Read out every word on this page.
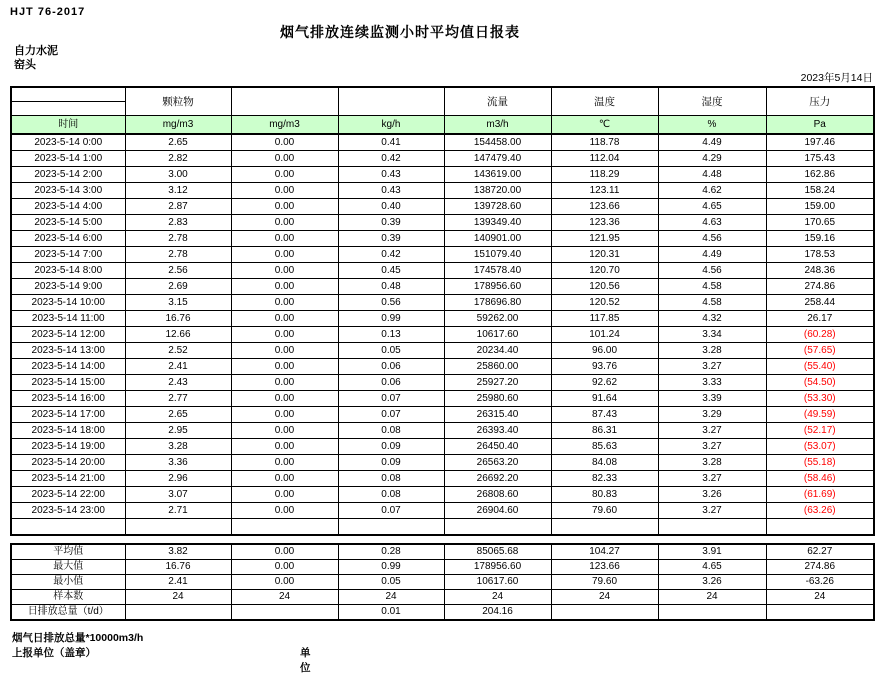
HJT 76-2017
烟气排放连续监测小时平均值日报表
自力水泥
窑头
2023年5月14日
	颗粒物			流量	温度	湿度	压力
时间	mg/m3	mg/m3	kg/h	m3/h	℃	%	Pa
2023-5-14 0:00	2.65	0.00	0.41	154458.00	118.78	4.49	197.46
2023-5-14 1:00	2.82	0.00	0.42	147479.40	112.04	4.29	175.43
2023-5-14 2:00	3.00	0.00	0.43	143619.00	118.29	4.48	162.86
2023-5-14 3:00	3.12	0.00	0.43	138720.00	123.11	4.62	158.24
2023-5-14 4:00	2.87	0.00	0.40	139728.60	123.66	4.65	159.00
2023-5-14 5:00	2.83	0.00	0.39	139349.40	123.36	4.63	170.65
2023-5-14 6:00	2.78	0.00	0.39	140901.00	121.95	4.56	159.16
2023-5-14 7:00	2.78	0.00	0.42	151079.40	120.31	4.49	178.53
2023-5-14 8:00	2.56	0.00	0.45	174578.40	120.70	4.56	248.36
2023-5-14 9:00	2.69	0.00	0.48	178956.60	120.56	4.58	274.86
2023-5-14 10:00	3.15	0.00	0.56	178696.80	120.52	4.58	258.44
2023-5-14 11:00	16.76	0.00	0.99	59262.00	117.85	4.32	26.17
2023-5-14 12:00	12.66	0.00	0.13	10617.60	101.24	3.34	(60.28)
2023-5-14 13:00	2.52	0.00	0.05	20234.40	96.00	3.28	(57.65)
2023-5-14 14:00	2.41	0.00	0.06	25860.00	93.76	3.27	(55.40)
2023-5-14 15:00	2.43	0.00	0.06	25927.20	92.62	3.33	(54.50)
2023-5-14 16:00	2.77	0.00	0.07	25980.60	91.64	3.39	(53.30)
2023-5-14 17:00	2.65	0.00	0.07	26315.40	87.43	3.29	(49.59)
2023-5-14 18:00	2.95	0.00	0.08	26393.40	86.31	3.27	(52.17)
2023-5-14 19:00	3.28	0.00	0.09	26450.40	85.63	3.27	(53.07)
2023-5-14 20:00	3.36	0.00	0.09	26563.20	84.08	3.28	(55.18)
2023-5-14 21:00	2.96	0.00	0.08	26692.20	82.33	3.27	(58.46)
2023-5-14 22:00	3.07	0.00	0.08	26808.60	80.83	3.26	(61.69)
2023-5-14 23:00	2.71	0.00	0.07	26904.60	79.60	3.27	(63.26)

平均值	3.82	0.00	0.28	85065.68	104.27	3.91	62.27
最大值	16.76	0.00	0.99	178956.60	123.66	4.65	274.86
最小值	2.41	0.00	0.05	10617.60	79.60	3.26	-63.26
样本数	24	24	24	24	24	24	24
日排放总量（t/d）			0.01	204.16			
烟气日排放总量*10000m3/h
上报单位（盖章）	单位
